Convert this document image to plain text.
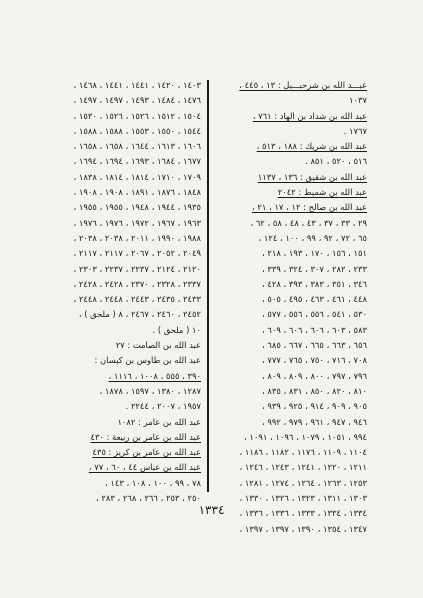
عبـــد الله بن شرحبـــيل : ١٣ ، ٤٤٥ ،
١٠٣٧
عبد الله بن شداد بن الهاد : ٧٦١ ،
١٧٦٧ .
عبد الله بن شريك : ١٨٨ ، ٥١٣ ،
٥١٦ ، ٥٢٠ ، ٨٥١ .
عبد الله بن شقيق : ١٣٦ ، ١١٣٧
عبد الله بن شميط : ٢٠٤٢
عبد الله بن صالح : ١٢ ، ١٧ ، ٢١ ،
٢٩ ، ٣٣ ، ٣٧ ، ٤٣ ، ٤٨ ، ٥٨ ، ٦٢ ،
٦٥ ، ٧٢ ، ٩٢ ، ٩٩ ، ١٠٠ ، ١٢٤ ،
١٥١ ، ١٥٦ ، ١٧٠ ، ١٩٣ ، ٢١٨ ،
٢٣٣ ، ٢٨٢ ، ٣٠٧ ، ٣٢٤ ، ٣٣٩ ،
٣٤٦ ، ٣٥١ ، ٣٨٣ ، ٣٩٣ ، ٤٢٨ ،
٤٤٨ ، ٤٦١ ، ٤٦٣ ، ٤٩٥ ، ٥٠٥ ،
٥٣٠ ، ٥٤١ ، ٥٥٦ ، ٥٥٦ ، ٥٧٧ ،
٥٨٣ ، ٦٠٣ ، ٦٠٦ ، ٦٠٦ ، ٦٠٩ ،
٦٥٦ ، ٦٦٣ ، ٦٦٥ ، ٦٦٧ ، ٦٨٥ ،
٧٠٨ ، ٧١٦ ، ٧٥٠ ، ٧٦٥ ، ٧٧٧ ،
٧٩٦ ، ٧٩٧ ، ٨٠٠ ، ٨٠٩ ، ٨٠٩ ،
٨١٠ ، ٨٢٠ ، ٨٥٠ ، ٨٣١ ، ٨٣٥ ،
٩٠٥ ، ٩٠٩ ، ٩١٤ ، ٩٢٥ ، ٩٣٩ ،
٩٤٦ ، ٩٤٧ ، ٩٦١ ، ٩٧٩ ، ٩٩٢ ،
٩٩٤ ، ١٠٥١ ، ١٠٧٩ ، ١٠٩٦ ، ١٠٩١ ،
١١٠٤ ، ١١٠٩ ، ١١٧٦ ، ١١٨٢ ، ١١٨٦ ،
١٢١١ ، ١٢٢٠ ، ١٢٤١ ، ١٢٤٣ ، ١٢٤٦ ،
١٢٥٣ ، ١٢٦٣ ، ١٢٦٤ ، ١٢٧٤ ، ١٢٨١ ،
١٣٠٣ ، ١٣١١ ، ١٣٢٣ ، ١٣٢٦ ، ١٣٣٠ ،
١٣٣٤ ، ١٣٣٤ ، ١٣٣٣ ، ١٣٣٦ ، ١٣٣٦ ،
١٣٤٧ ، ١٣٥٤ ، ١٣٩٠ ، ١٣٩٧ ، ١٣٩٧ ،
١٤٠٣ ، ١٤٢٠ ، ١٤٤١ ، ١٤٤١ ، ١٤٦٨ ،
١٤٧٦ ، ١٤٨٤ ، ١٤٩٣ ، ١٤٩٧ ، ١٤٩٧ ،
١٥٠٤ ، ١٥١٢ ، ١٥٢٦ ، ١٥٢٦ ، ١٥٣٠ ،
١٥٤٤ ، ١٥٥٠ ، ١٥٥٣ ، ١٥٨٨ ، ١٥٨٨ ،
١٦٠٦ ، ١٦١٣ ، ١٦٤٤ ، ١٦٥٨ ، ١٦٥٨ ،
١٦٧٧ ، ١٦٨٤ ، ١٦٩٣ ، ١٦٩٤ ، ١٦٩٤ ،
١٧٠٩ ، ١٧١٠ ، ١٨١٤ ، ١٨١٤ ، ١٨٣٨ ،
١٨٤٨ ، ١٨٧٦ ، ١٨٩١ ، ١٩٠٨ ، ١٩٠٨ ،
١٩٣٥ ، ١٩٤٤ ، ١٩٤٨ ، ١٩٥٥ ، ١٩٥٥ ،
١٩٦٣ ، ١٩٦٧ ، ١٩٧٢ ، ١٩٧٦ ، ١٩٧٦ ،
١٩٨٨ ، ١٩٩٠ ، ٢٠١١ ، ٢٠٣٨ ، ٢٠٣٨ ،
٢٠٤٩ ، ٢٠٥٢ ، ٢٠٦٧ ، ٢١١٧ ، ٢١١٧ ،
٢١٢٠ ، ٢١٢٤ ، ٢٢٣٧ ، ٢٢٣٧ ، ٢٣٠٣ ،
٢٣٣٧ ، ٢٣٢٨ ، ٢٣٧٠ ، ٢٤٢٨ ، ٢٤٢٨ ،
٢٤٣٣ ، ٢٤٣٥ ، ٢٤٤٣ ، ٢٤٤٨ ، ٢٤٤٨ ،
٢٤٥٢ ، ٢٤٦٠ ، ٢٤٦٧ ، ٨ ( ملحق ) ،
١٠ ( ملحق ) .
عبد الله بن الصامت : ٢٧
عبد الله بن طاوس بن كيسان :
٣٩٠ ، ٥٥٥ ، ١٠٠٨ ، ١١١٦ ،
١٢٨٧ ، ١٣٨٠ ، ١٥٩٧ ، ١٨٧٨ ،
١٩٥٧ ، ٢٠٠٧ ، ٢٢٤٤ .
عبد الله بن عامر : ١٠٨٢
عبد الله بن عامر بن ربيعة : ٤٣٠
عبد الله بن عامر بن كريز : ٤٣٥
عبد الله بن عباس ٤٤ ، ٦٠ ، ٧٧ ،
٧٨ ، ٩٩ ، ١٠٠ ، ١٠٨ ، ١٤٣ ،
٢٥٠ ، ٢٥٣ ، ٢٦٦ ، ٢٦٨ ، ٢٨٣ ،
١٣٣٤
